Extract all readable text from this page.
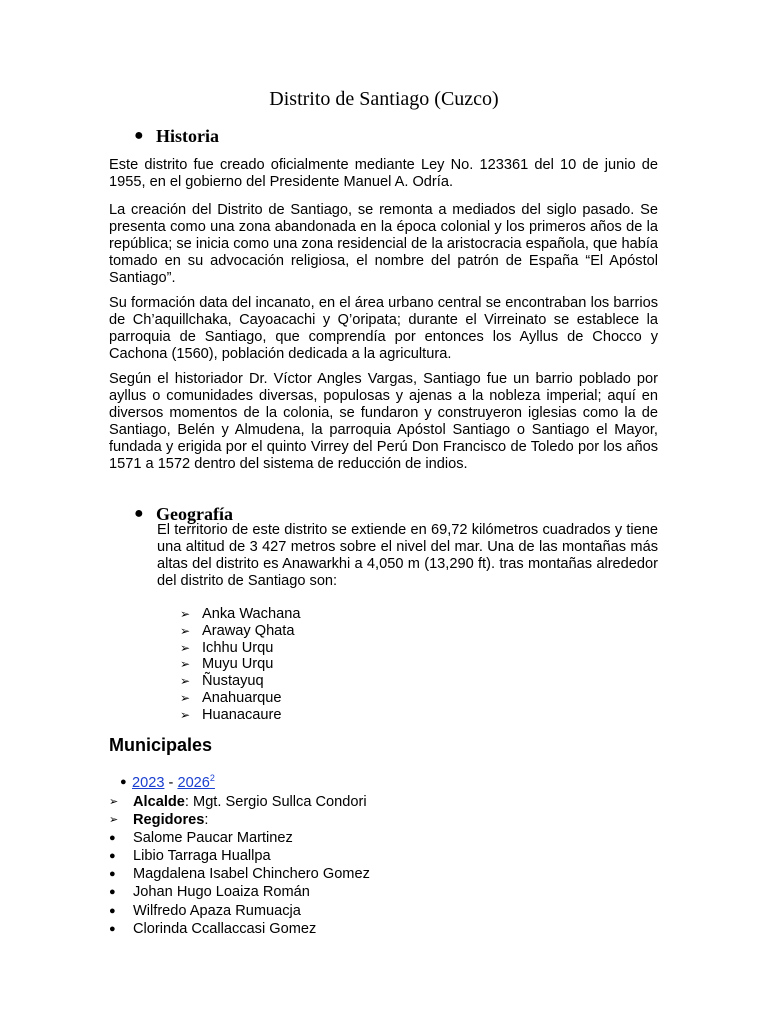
Distrito de Santiago (Cuzco)
● Historia
Este distrito fue creado oficialmente mediante Ley No. 123361 del 10 de junio de 1955, en el gobierno del Presidente Manuel A. Odría.
La creación del Distrito de Santiago, se remonta a mediados del siglo pasado. Se presenta como una zona abandonada en la época colonial y los primeros años de la república; se inicia como una zona residencial de la aristocracia española, que había tomado en su advocación religiosa, el nombre del patrón de España “El Apóstol Santiago”.
Su formación data del incanato, en el área urbano central se encontraban los barrios de Ch’aquillchaka, Cayoacachi y Q’oripata; durante el Virreinato se establece la parroquia de Santiago, que comprendía por entonces los Ayllus de Chocco y Cachona (1560), población dedicada a la agricultura.
Según el historiador Dr. Víctor Angles Vargas, Santiago fue un barrio poblado por ayllus o comunidades diversas, populosas y ajenas a la nobleza imperial; aquí en diversos momentos de la colonia, se fundaron y construyeron iglesias como la de Santiago, Belén y Almudena, la parroquia Apóstol Santiago o Santiago el Mayor, fundada y erigida por el quinto Virrey del Perú Don Francisco de Toledo por los años 1571 a 1572 dentro del sistema de reducción de indios.
● Geografía
El territorio de este distrito se extiende en 69,72 kilómetros cuadrados y tiene una altitud de 3 427 metros sobre el nivel del mar. Una de las montañas más altas del distrito es Anawarkhi a 4,050 m (13,290 ft). tras montañas alrededor del distrito de Santiago son:
➢ Anka Wachana
➢ Araway Qhata
➢ Ichhu Urqu
➢ Muyu Urqu
➢ Ñustayuq
➢ Anahuarque
➢ Huanacaure
Municipales
● 2023 - 2026$^2$
➢ Alcalde: Mgt. Sergio Sullca Condori
➢ Regidores:
● Salome Paucar Martinez
● Libio Tarraga Huallpa
● Magdalena Isabel Chinchero Gomez
● Johan Hugo Loaiza Román
● Wilfredo Apaza Rumuacja
● Clorinda Ccallaccasi Gomez
